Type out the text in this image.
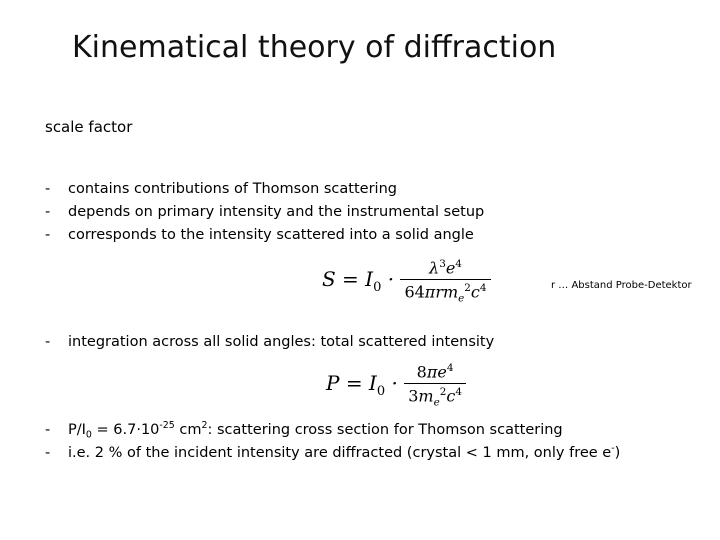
Kinematical theory of diffraction
scale factor
- contains contributions of Thomson scattering
- depends on primary intensity and the instrumental setup
- corresponds to the intensity scattered into a solid angle
$S = I_0 \cdot \frac{\lambda^3e^4}{64\pi rm_e^2c^4}$	r … Abstand Probe-Detektor
- integration across all solid angles: total scattered intensity
$P = I_0 \cdot \frac{8\pi e^4}{3m_e^2c^4}$
- $P/I_0 = 6.7\cdot 10^{-25}$ $cm^2$: scattering cross section for Thomson scattering
- i.e. 2 % of the incident intensity are diffracted (crystal < 1 mm, only free e-)
